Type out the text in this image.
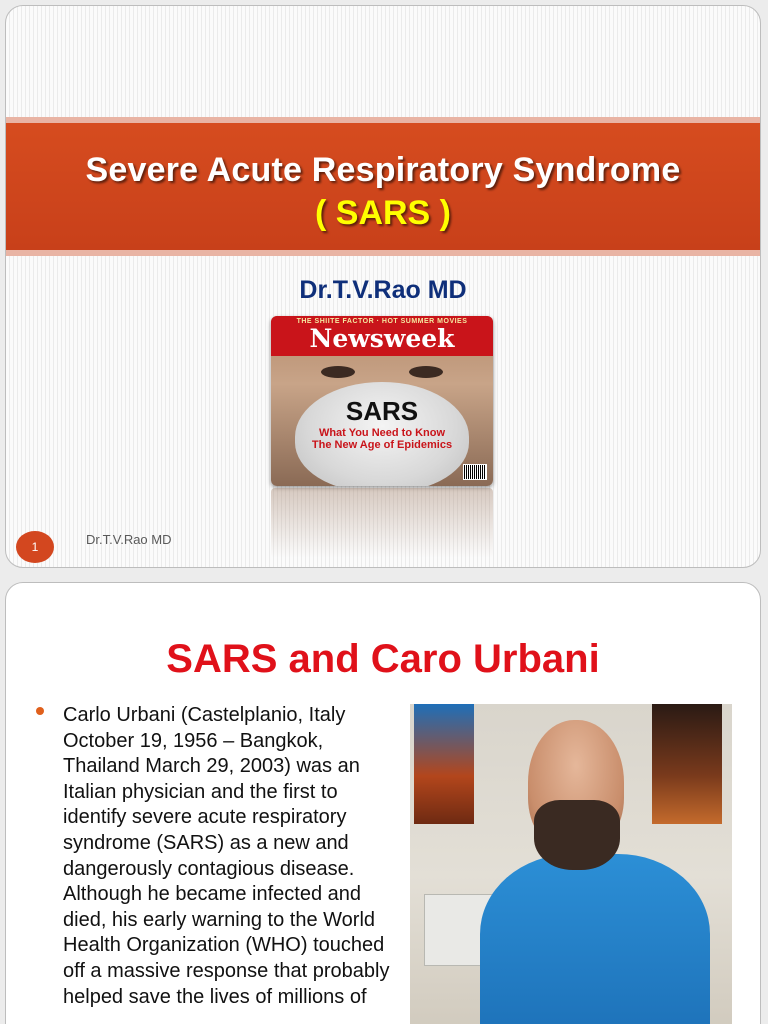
Severe Acute Respiratory Syndrome
( SARS )
Dr.T.V.Rao MD
THE SHIITE FACTOR · HOT SUMMER MOVIES
Newsweek
SARS
What You Need to Know
The New Age of Epidemics
1	Dr.T.V.Rao MD
SARS and Caro Urbani
Carlo Urbani (Castelplanio, Italy October 19, 1956 – Bangkok, Thailand March 29, 2003) was an Italian physician and the first to identify severe acute respiratory syndrome (SARS) as a new and dangerously contagious disease. Although he became infected and died, his early warning to the World Health Organization (WHO) touched off a massive response that probably helped save the lives of millions of
